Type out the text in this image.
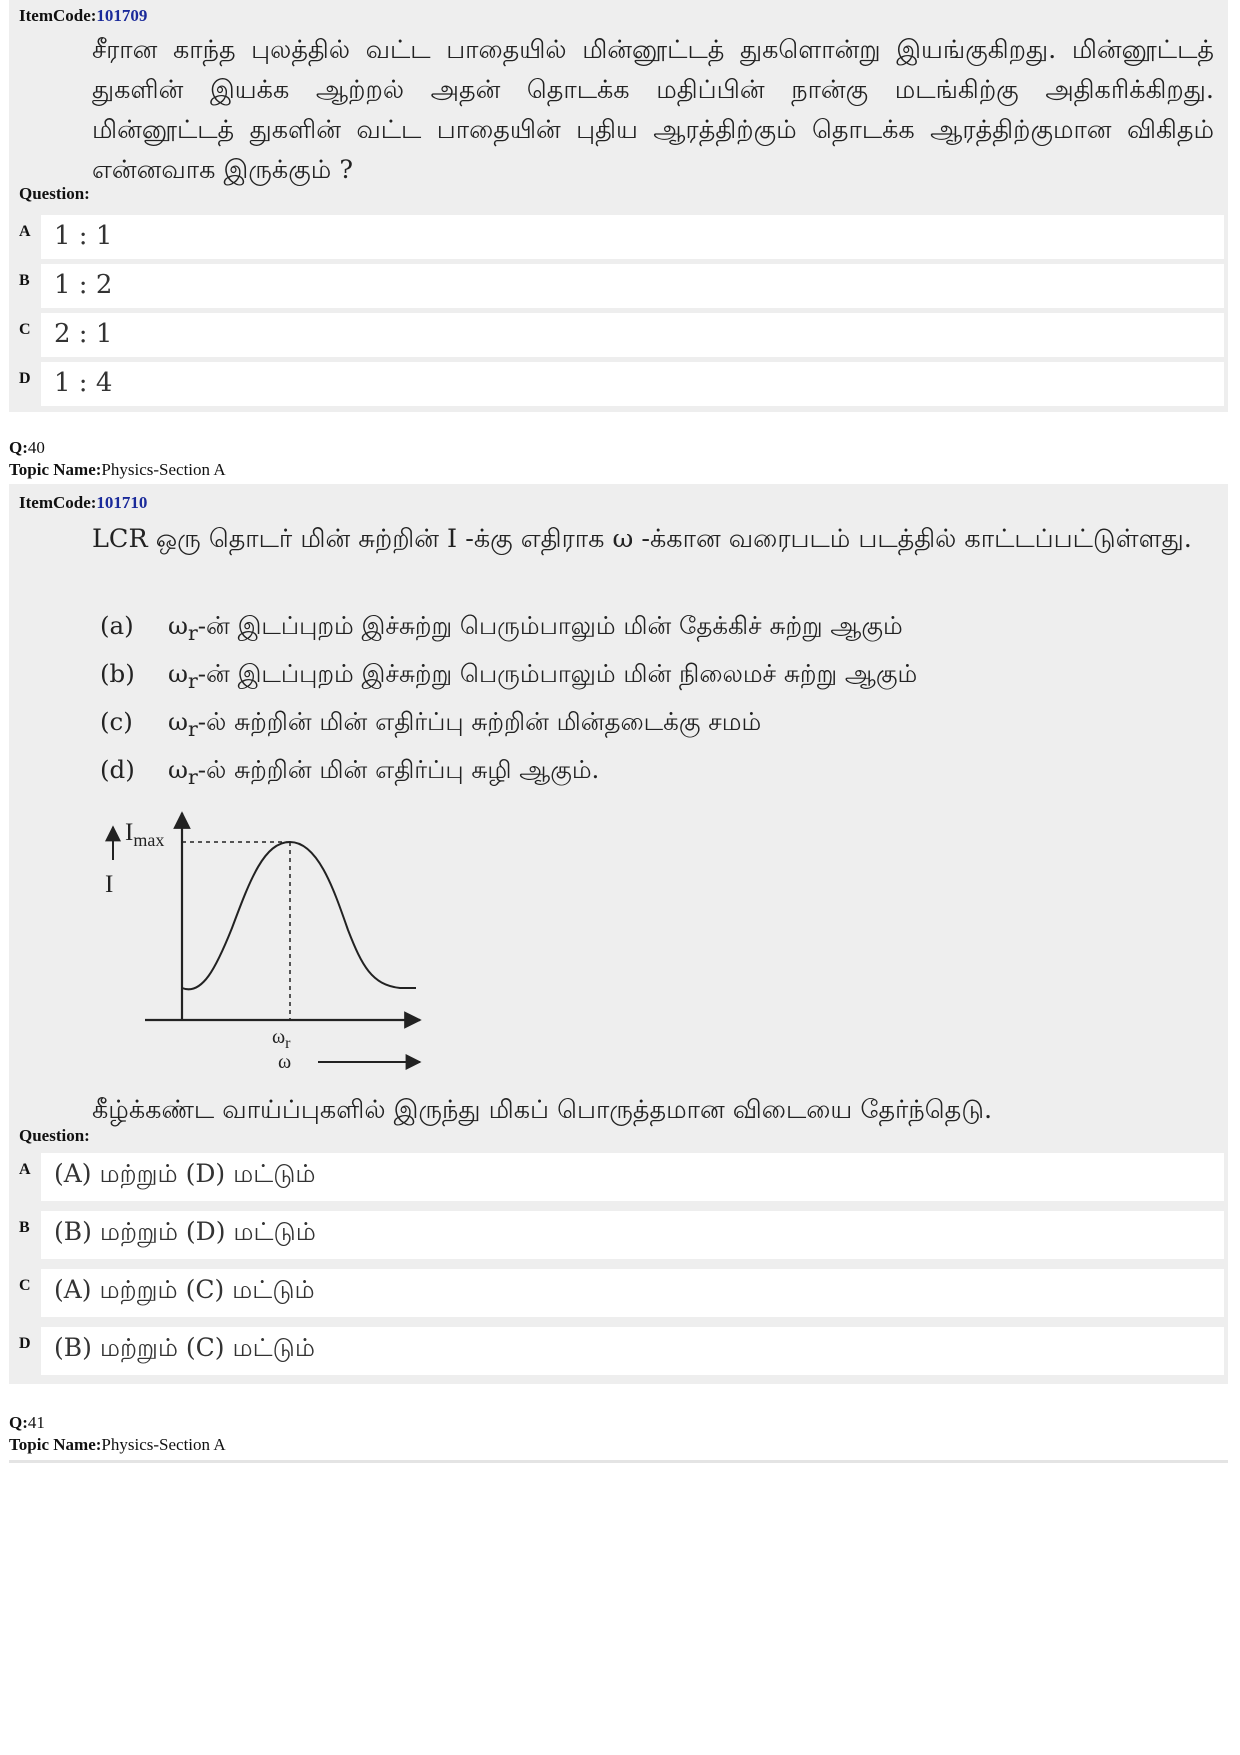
ItemCode:101709

சீரான காந்த புலத்தில் வட்ட பாதையில் மின்னூட்டத் துகளொன்று இயங்குகிறது. மின்னூட்டத் துகளின் இயக்க ஆற்றல் அதன் தொடக்க மதிப்பின் நான்கு மடங்கிற்கு அதிகரிக்கிறது. மின்னூட்டத் துகளின் வட்ட பாதையின் புதிய ஆரத்திற்கும் தொடக்க ஆரத்திற்குமான விகிதம் என்னவாக இருக்கும் ?

Question:
A 1 : 1
B 1 : 2
C 2 : 1
D 1 : 4
Q:40
Topic Name:Physics-Section A
ItemCode:101710

LCR ஒரு தொடர் மின் சுற்றின் I -க்கு எதிராக ω -க்கான வரைபடம் படத்தில் காட்டப்பட்டுள்ளது.

(a) $\omega_r-ன்$ இடப்புறம் இச்சுற்று பெரும்பாலும் மின் தேக்கிச் சுற்று ஆகும்
(b) $\omega_r-ன்$ இடப்புறம் இச்சுற்று பெரும்பாலும் மின் நிலைமச் சுற்று ஆகும்
(c) $\omega_r-ல்$ சுற்றின் மின் எதிர்ப்பு சுற்றின் மின்தடைக்கு சமம்
(d) $\omega_r-ல்$ சுற்றின் மின் எதிர்ப்பு சுழி ஆகும்.
$I_{max}$
I
$\omega_r$
ω

கீழ்க்கண்ட வாய்ப்புகளில் இருந்து மிகப் பொருத்தமான விடையை தேர்ந்தெடு.

Question:
A (A) மற்றும் (D) மட்டும்
B (B) மற்றும் (D) மட்டும்
C (A) மற்றும் (C) மட்டும்
D (B) மற்றும் (C) மட்டும்
Q:41
Topic Name:Physics-Section A
